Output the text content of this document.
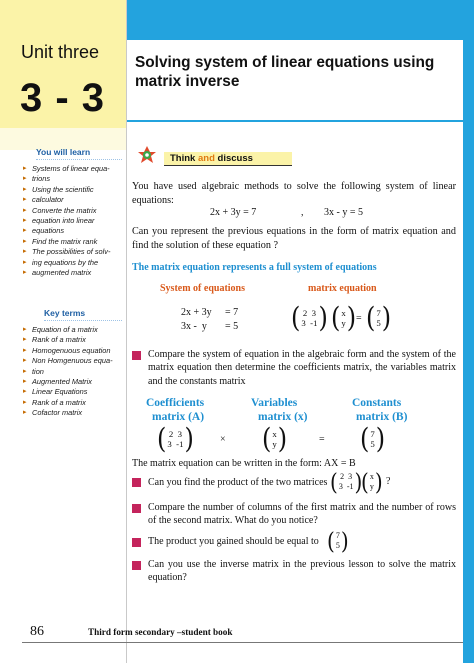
Unit three
3 - 3
You will learn
▸ Systems of linear equa-
▸ trions
▸ Using the scientific
▸ calculator
▸ Converte the matrix
▸ equation into linear
▸ equations
▸ Find the matrix rank
▸ The possibilities of solv-
▸ ing equations by the
▸ augmented matrix
Key terms
▸ Equation of a matrix
▸ Rank of a matrix
▸ Homogenuous equation
▸ Non Homgenuous equa-
▸ tion
▸ Augmented Matrix
▸ Linear Equations
▸ Rank of a matrix
▸ Cofactor matrix
Solving system of linear equations using matrix inverse
Think and discuss
You have used algebraic methods to solve the following system of linear equations:
2x + 3y = 7	, 3x - y = 5
Can you represent the previous equations in the form of matrix equation and find the solution of these equation ?
The matrix equation represents a full system of equations
System of equations	matrix equation
2x + 3y = 7
3x -  y = 5 ( 2  3
3  -1 ) ( x
y ) = ( 7
5 )
Compare the system of equation in the algebraic form and the system of the matrix equation then determine the coefficients matrix, the variables matrix and the constants matrix
Coefficients
matrix (A)
Variables
matrix (x)
Constants
matrix (B)
( 2  3
3  -1 )	× ( x
y )	= ( 7
5 )
The matrix equation can be written in the form: AX = B
Can you find the product of the two matrices ( 2  3
3  -1 )
( x
y ) ?
Compare the number of columns of the first matrix and the number of rows of the second matrix. What do you notice?
The product you gained should be equal to ( 7
5 )
Can you use the inverse matrix in the previous lesson to solve the matrix equation?
86	Third form secondary –student book
